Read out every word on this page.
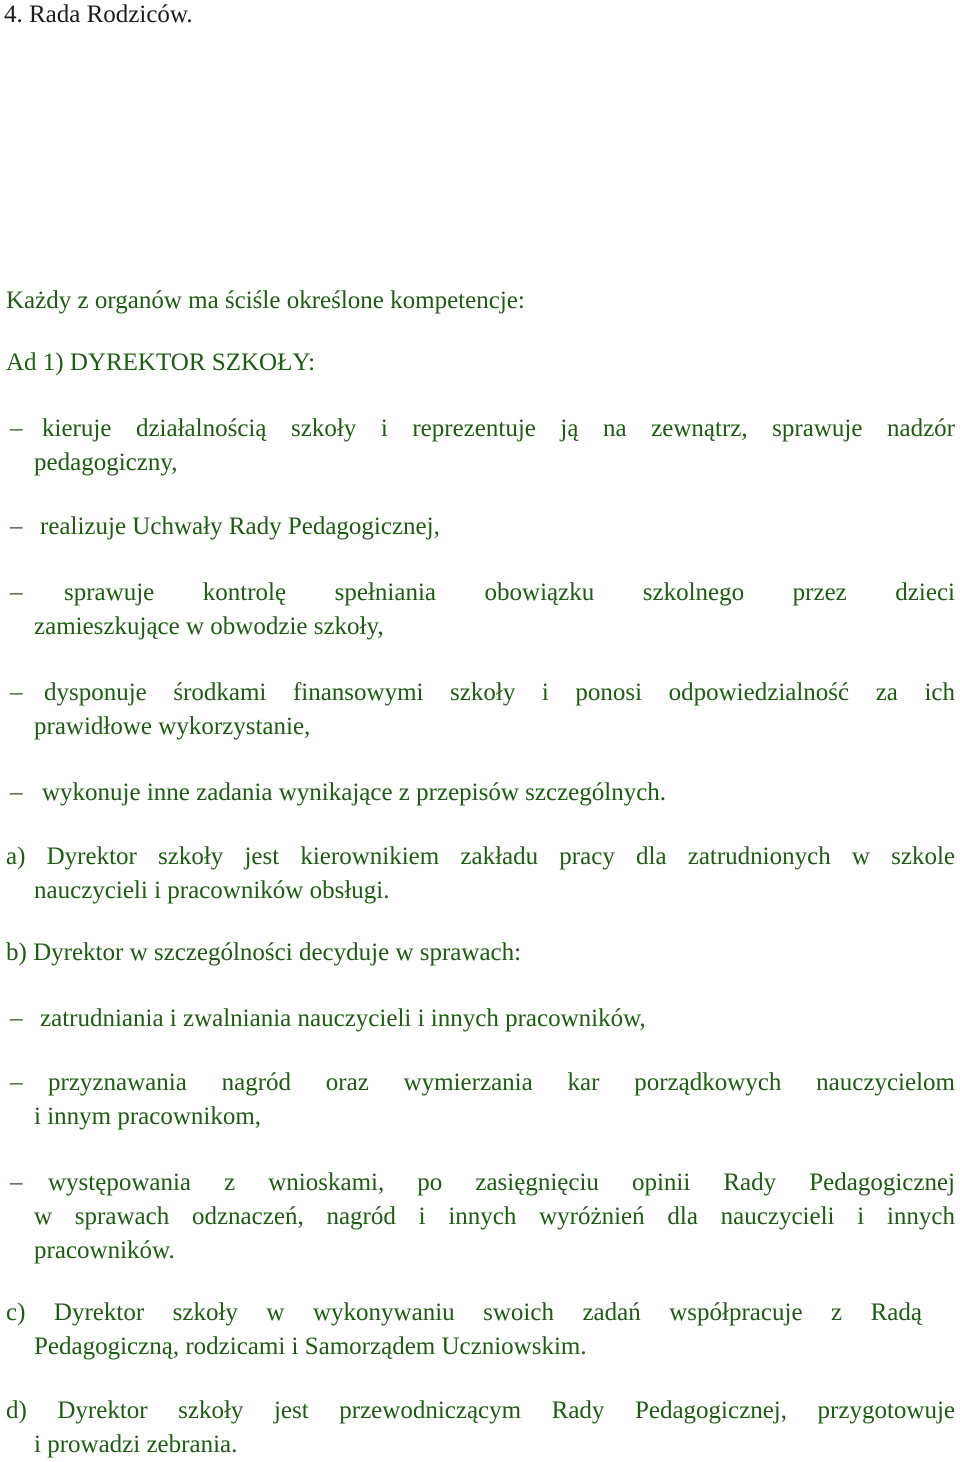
4. Rada Rodziców.
Każdy z organów ma ściśle określone kompetencje:
Ad 1) DYREKTOR SZKOŁY:
– kieruje działalnością szkoły i reprezentuje ją na zewnątrz, sprawuje nadzór
pedagogiczny,
– realizuje Uchwały Rady Pedagogicznej,
–	sprawuje kontrolę spełniania obowiązku szkolnego przez dzieci
zamieszkujące w obwodzie szkoły,
– dysponuje środkami finansowymi szkoły i ponosi odpowiedzialność za ich
prawidłowe wykorzystanie,
– wykonuje inne zadania wynikające z przepisów szczególnych.
a) Dyrektor szkoły jest kierownikiem zakładu pracy dla zatrudnionych w szkole
nauczycieli i pracowników obsługi.
b) Dyrektor w szczególności decyduje w sprawach:
– zatrudniania i zwalniania nauczycieli i innych pracowników,
–	przyznawania nagród oraz wymierzania kar porządkowych nauczycielom
i innym pracownikom,
–	występowania z wnioskami, po zasięgnięciu opinii Rady Pedagogicznej
w sprawach odznaczeń, nagród i innych wyróżnień dla nauczycieli i innych
pracowników.
c) Dyrektor szkoły w wykonywaniu swoich zadań współpracuje z Radą
Pedagogiczną, rodzicami i Samorządem Uczniowskim.
d) Dyrektor szkoły jest przewodniczącym Rady Pedagogicznej, przygotowuje
i prowadzi zebrania.
